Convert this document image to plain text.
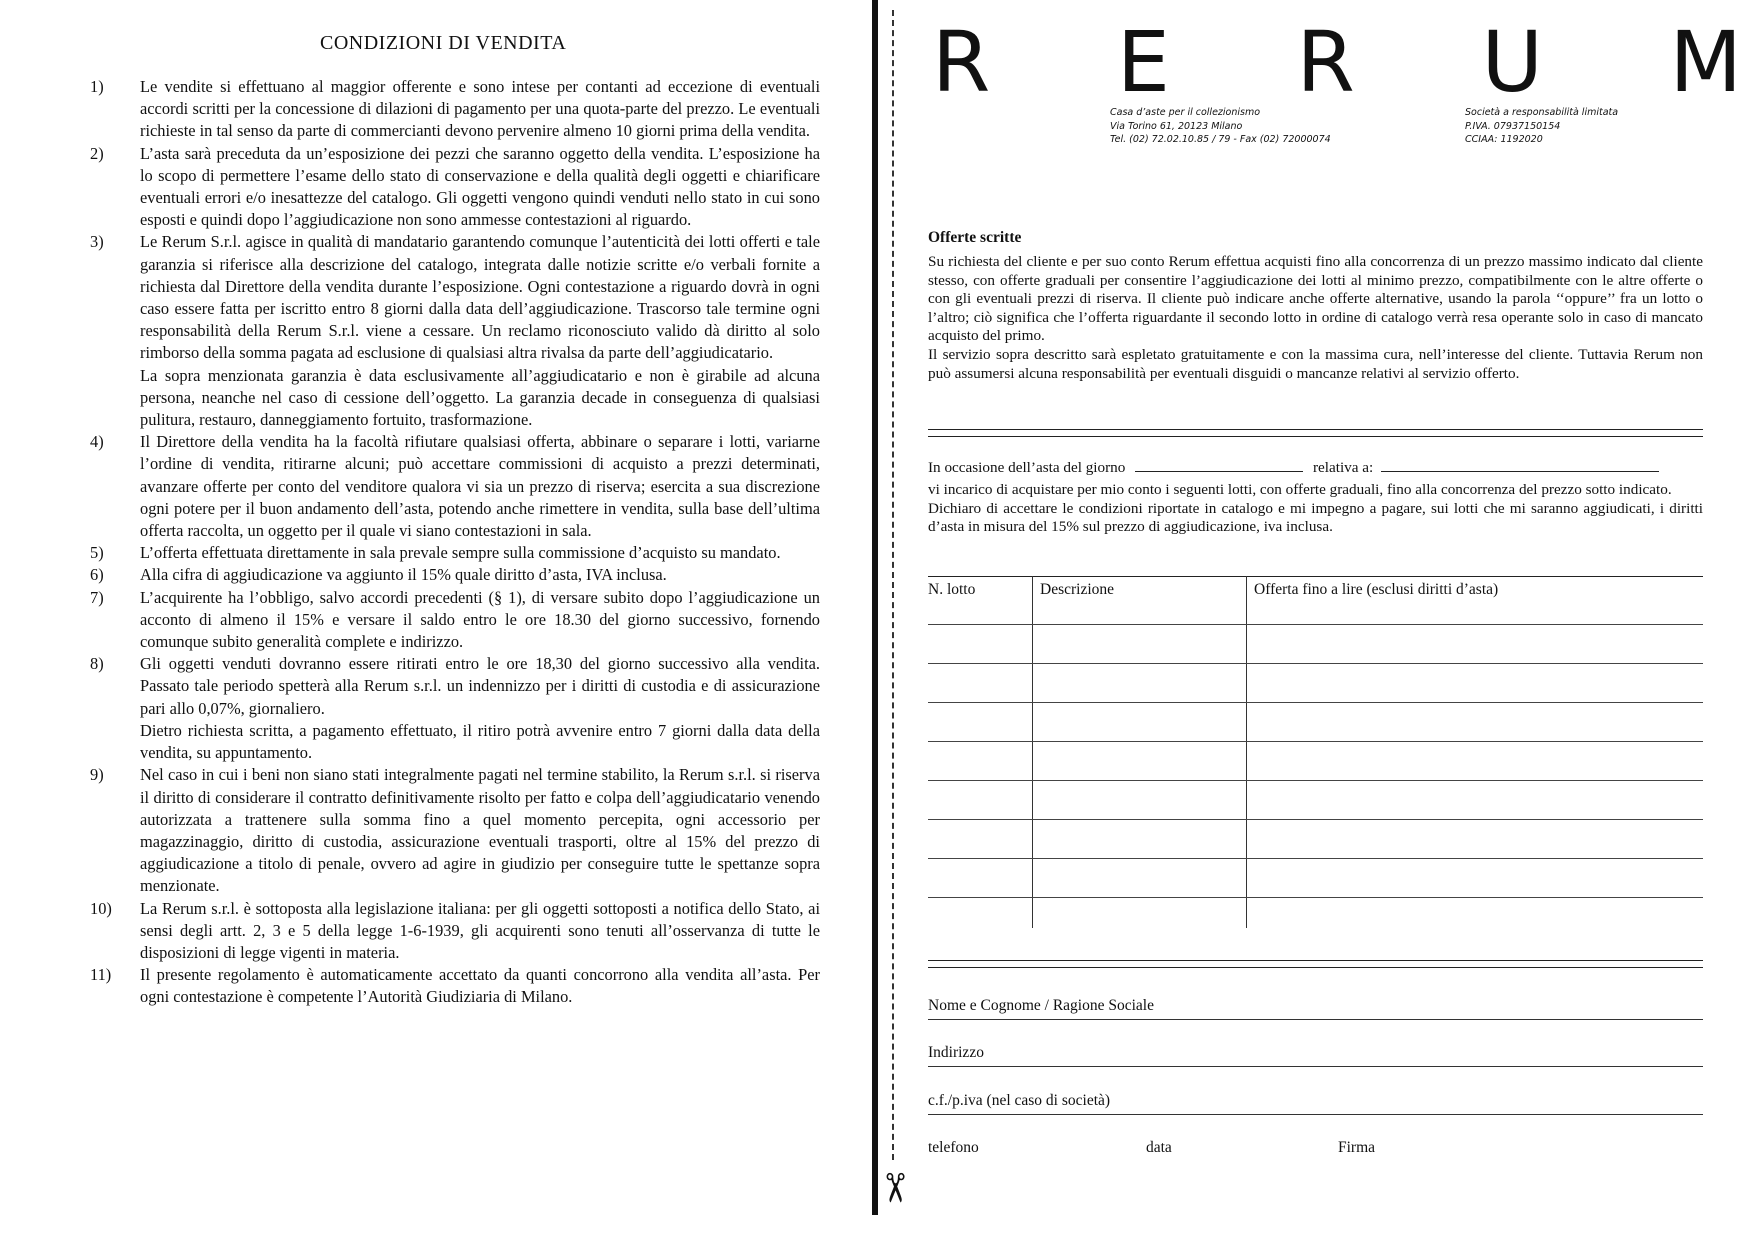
CONDIZIONI DI VENDITA
1)	Le vendite si effettuano al maggior offerente e sono intese per contanti ad eccezione di eventuali accordi scritti per la concessione di dilazioni di pagamento per una quota-parte del prezzo. Le eventuali richieste in tal senso da parte di commercianti devono pervenire almeno 10 giorni prima della vendita.

2)	L’asta sarà preceduta da un’esposizione dei pezzi che saranno oggetto della vendita. L’esposizione ha lo scopo di permettere l’esame dello stato di conservazione e della qualità degli oggetti e chiarificare eventuali errori e/o inesattezze del catalogo. Gli oggetti vengono quindi venduti nello stato in cui sono esposti e quindi dopo l’aggiudicazione non sono ammesse contestazioni al riguardo.

3)	Le Rerum S.r.l. agisce in qualità di mandatario garantendo comunque l’autenticità dei lotti offerti e tale garanzia si riferisce alla descrizione del catalogo, integrata dalle notizie scritte e/o verbali fornite a richiesta dal Direttore della vendita durante l’esposizione. Ogni contestazione a riguardo dovrà in ogni caso essere fatta per iscritto entro 8 giorni dalla data dell’aggiudicazione. Trascorso tale termine ogni responsabilità della Rerum S.r.l. viene a cessare. Un reclamo riconosciuto valido dà diritto al solo rimborso della somma pagata ad esclusione di qualsiasi altra rivalsa da parte dell’aggiudicatario.

La sopra menzionata garanzia è data esclusivamente all’aggiudicatario e non è girabile ad alcuna persona, neanche nel caso di cessione dell’oggetto. La garanzia decade in conseguenza di qualsiasi pulitura, restauro, danneggiamento fortuito, trasformazione.

4)	Il Direttore della vendita ha la facoltà rifiutare qualsiasi offerta, abbinare o separare i lotti, variarne l’ordine di vendita, ritirarne alcuni; può accettare commissioni di acquisto a prezzi determinati, avanzare offerte per conto del venditore qualora vi sia un prezzo di riserva; esercita a sua discrezione ogni potere per il buon andamento dell’asta, potendo anche rimettere in vendita, sulla base dell’ultima offerta raccolta, un oggetto per il quale vi siano contestazioni in sala.

5)	L’offerta effettuata direttamente in sala prevale sempre sulla commissione d’acquisto su mandato.

6)	Alla cifra di aggiudicazione va aggiunto il 15% quale diritto d’asta, IVA inclusa.

7)	L’acquirente ha l’obbligo, salvo accordi precedenti (§ 1), di versare subito dopo l’aggiudicazione un acconto di almeno il 15% e versare il saldo entro le ore 18.30 del giorno successivo, fornendo comunque subito generalità complete e indirizzo.

8)	Gli oggetti venduti dovranno essere ritirati entro le ore 18,30 del giorno successivo alla vendita. Passato tale periodo spetterà alla Rerum s.r.l. un indennizzo per i diritti di custodia e di assicurazione pari allo 0,07%, giornaliero.

Dietro richiesta scritta, a pagamento effettuato, il ritiro potrà avvenire entro 7 giorni dalla data della vendita, su appuntamento.

9)	Nel caso in cui i beni non siano stati integralmente pagati nel termine stabilito, la Rerum s.r.l. si riserva il diritto di considerare il contratto definitivamente risolto per fatto e colpa dell’aggiudicatario venendo autorizzata a trattenere sulla somma fino a quel momento percepita, ogni accessorio per magazzinaggio, diritto di custodia, assicurazione eventuali trasporti, oltre al 15% del prezzo di aggiudicazione a titolo di penale, ovvero ad agire in giudizio per conseguire tutte le spettanze sopra menzionate.

10)	La Rerum s.r.l. è sottoposta alla legislazione italiana: per gli oggetti sottoposti a notifica dello Stato, ai sensi degli artt. 2, 3 e 5 della legge 1-6-1939, gli acquirenti sono tenuti all’osservanza di tutte le disposizioni di legge vigenti in materia.

11)	Il presente regolamento è automaticamente accettato da quanti concorrono alla vendita all’asta. Per ogni contestazione è competente l’Autorità Giudiziaria di Milano.

✂
R E R U M
Casa d’aste per il collezionismo
Via Torino 61, 20123 Milano
Tel. (02) 72.02.10.85 / 79 - Fax (02) 72000074
Società a responsabilità limitata
P.IVA. 07937150154
CCIAA: 1192020
Offerte scritte

Su richiesta del cliente e per suo conto Rerum effettua acquisti fino alla concorrenza di un prezzo massimo indicato dal cliente stesso, con offerte graduali per consentire l’aggiudicazione dei lotti al minimo prezzo, compatibilmente con le altre offerte o con gli eventuali prezzi di riserva. Il cliente può indicare anche offerte alternative, usando la parola ‘‘oppure’’ fra un lotto o l’altro; ciò significa che l’offerta riguardante il secondo lotto in ordine di catalogo verrà resa operante solo in caso di mancato acquisto del primo.

Il servizio sopra descritto sarà espletato gratuitamente e con la massima cura, nell’interesse del cliente. Tuttavia Rerum non può assumersi alcuna responsabilità per eventuali disguidi o mancanze relativi al servizio offerto.

In occasione dell’asta del giorno	relativa a:

vi incarico di acquistare per mio conto i seguenti lotti, con offerte graduali, fino alla concorrenza del prezzo sotto indicato.

Dichiaro di accettare le condizioni riportate in catalogo e mi impegno a pagare, sui lotti che mi saranno aggiudicati, i diritti d’asta in misura del 15% sul prezzo di aggiudicazione, iva inclusa.

N. lotto	Descrizione	Offerta fino a lire (esclusi diritti d’asta)
Nome e Cognome / Ragione Sociale
Indirizzo
c.f./p.iva (nel caso di società)
telefono	data	Firma
